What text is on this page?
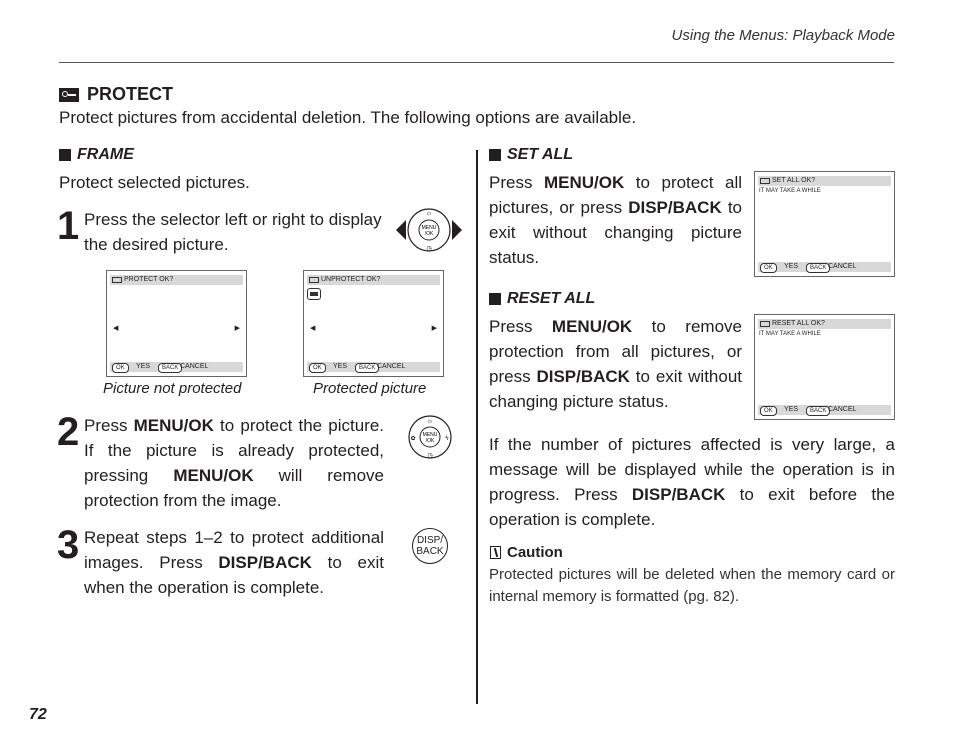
Using the Menus: Playback Mode
PROTECT
Protect pictures from accidental deletion. The following options are available.
FRAME
Protect selected pictures.
1 Press the selector left or right to display the desired picture.
MENU
/OK
☼
◷
PROTECT OK?
◀	▶
OK	YES	BACK CANCEL
Picture not protected
UNPROTECT OK?
◀	▶
OK	YES	BACK CANCEL
Protected picture
2 Press MENU/OK to protect the picture. If the picture is already protected, pressing MENU/OK will remove protection from the image.
MENU
/OK
☼
◷
✿	ϟ
3 Repeat steps 1–2 to protect additional images. Press DISP/BACK to exit when the operation is complete.
DISP/
BACK
SET ALL
Press MENU/OK to protect all pictures, or press DISP/BACK to exit without changing picture status.
SET ALL OK?
IT MAY TAKE A WHILE
OK	YES	BACK CANCEL
RESET ALL
Press MENU/OK to remove protection from all pictures, or press DISP/BACK to exit without changing picture status.
RESET ALL OK?
IT MAY TAKE A WHILE
OK	YES	BACK CANCEL
If the number of pictures affected is very large, a message will be displayed while the operation is in progress. Press DISP/BACK to exit before the operation is complete.
Caution
Protected pictures will be deleted when the memory card or internal memory is formatted (pg. 82).
72
